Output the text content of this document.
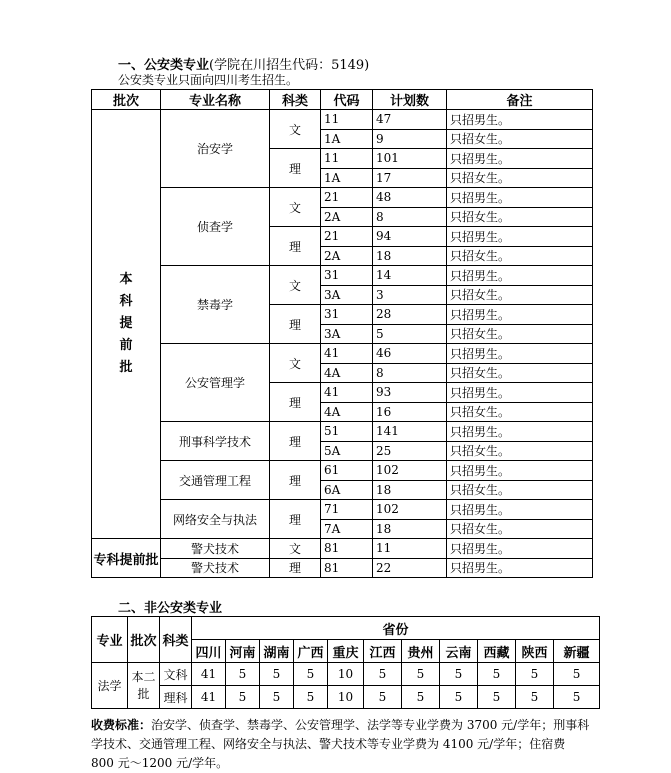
一、公安类专业(学院在川招生代码：5149)
公安类专业只面向四川考生招生。
批次	专业名称	科类	代码	计划数	备注

本科提前批	治安学	文	11	47	只招男生。
			1A	9	只招女生。
		理	11	101	只招男生。
			1A	17	只招女生。
	侦查学	文	21	48	只招男生。
			2A	8	只招女生。
		理	21	94	只招男生。
			2A	18	只招女生。
	禁毒学	文	31	14	只招男生。
			3A	3	只招女生。
		理	31	28	只招男生。
			3A	5	只招女生。
	公安管理学	文	41	46	只招男生。
			4A	8	只招女生。
		理	41	93	只招男生。
			4A	16	只招女生。
	刑事科学技术	理	51	141	只招男生。
			5A	25	只招女生。
	交通管理工程	理	61	102	只招男生。
			6A	18	只招女生。
	网络安全与执法	理	71	102	只招男生。
			7A	18	只招女生。
专科提前批	警犬技术	文	81	11	只招男生。
	警犬技术	理	81	22	只招男生。
二、非公安类专业
专业	批次	科类	省份										
			四川	河南	湖南	广西	重庆	江西	贵州	云南	西藏	陕西	新疆
法学	本二批	文科	41	5	5	5	10	5	5	5	5	5	5
		理科	41	5	5	5	10	5	5	5	5	5	5
收费标准：治安学、侦查学、禁毒学、公安管理学、法学等专业学费为 3700 元/学年；刑事科学技术、交通管理工程、网络安全与执法、警犬技术等专业学费为 4100 元/学年；住宿费 800 元～1200 元/学年。
